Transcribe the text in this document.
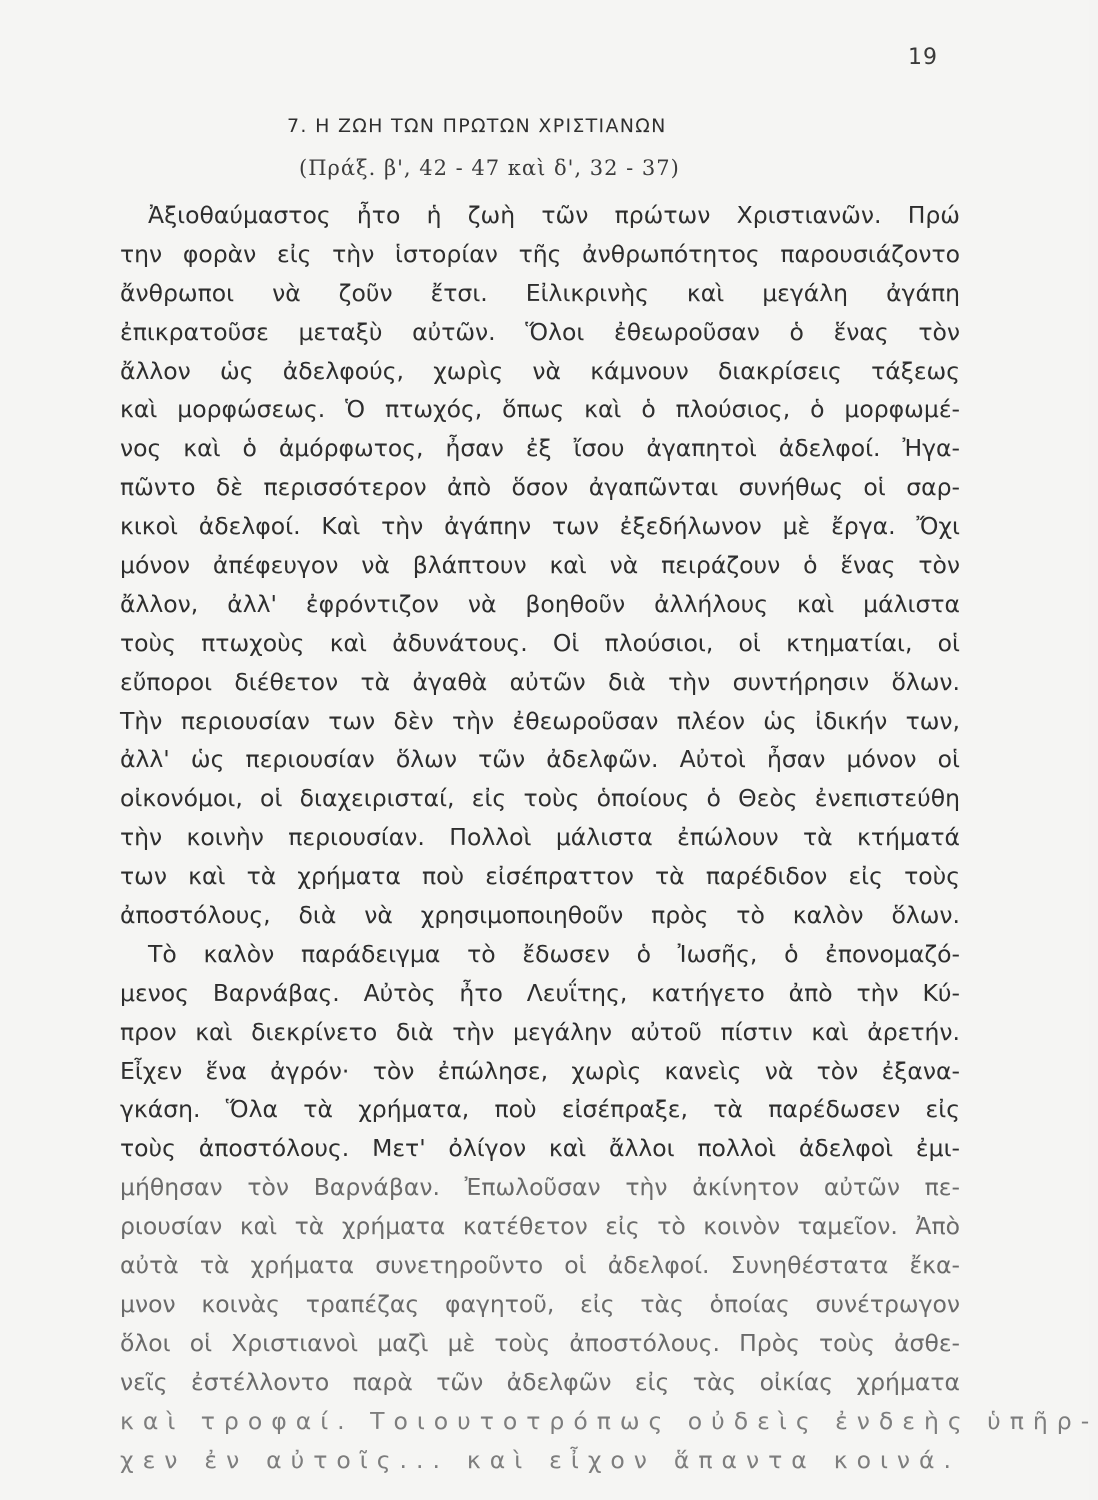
19
7. Η ΖΩΗ ΤΩΝ ΠΡΩΤΩΝ ΧΡΙΣΤΙΑΝΩΝ
(Πράξ. β', 42 - 47 καὶ δ', 32 - 37)
Ἀξιοθαύμαστος ἦτο ἡ ζωὴ τῶν πρώτων Χριστιανῶν. Πρώ
την φορὰν εἰς τὴν ἱστορίαν τῆς ἀνθρωπότητος παρουσιάζοντο
ἄνθρωποι νὰ ζοῦν ἔτσι. Εἰλικρινὴς καὶ μεγάλη ἀγάπη
ἐπικρατοῦσε μεταξὺ αὐτῶν. Ὅλοι ἐθεωροῦσαν ὁ ἕνας τὸν
ἄλλον ὡς ἀδελφούς, χωρὶς νὰ κάμνουν διακρίσεις τάξεως
καὶ μορφώσεως. Ὁ πτωχός, ὅπως καὶ ὁ πλούσιος, ὁ μορφωμέ-
νος καὶ ὁ ἀμόρφωτος, ἦσαν ἐξ ἴσου ἀγαπητοὶ ἀδελφοί. Ἠγα-
πῶντο δὲ περισσότερον ἀπὸ ὅσον ἀγαπῶνται συνήθως οἱ σαρ-
κικοὶ ἀδελφοί. Καὶ τὴν ἀγάπην των ἐξεδήλωνον μὲ ἔργα. Ὄχι
μόνον ἀπέφευγον νὰ βλάπτουν καὶ νὰ πειράζουν ὁ ἕνας τὸν
ἄλλον, ἀλλ' ἐφρόντιζον νὰ βοηθοῦν ἀλλήλους καὶ μάλιστα
τοὺς πτωχοὺς καὶ ἀδυνάτους. Οἱ πλούσιοι, οἱ κτηματίαι, οἱ
εὔποροι διέθετον τὰ ἀγαθὰ αὐτῶν διὰ τὴν συντήρησιν ὅλων.
Τὴν περιουσίαν των δὲν τὴν ἐθεωροῦσαν πλέον ὡς ἰδικήν των,
ἀλλ' ὡς περιουσίαν ὅλων τῶν ἀδελφῶν. Αὐτοὶ ἦσαν μόνον οἱ
οἰκονόμοι, οἱ διαχειρισταί, εἰς τοὺς ὁποίους ὁ Θεὸς ἐνεπιστεύθη
τὴν κοινὴν περιουσίαν. Πολλοὶ μάλιστα ἐπώλουν τὰ κτήματά
των καὶ τὰ χρήματα ποὺ εἰσέπραττον τὰ παρέδιδον εἰς τοὺς
ἀποστόλους, διὰ νὰ χρησιμοποιηθοῦν πρὸς τὸ καλὸν ὅλων.
Τὸ καλὸν παράδειγμα τὸ ἔδωσεν ὁ Ἰωσῆς, ὁ ἐπονομαζό-
μενος Βαρνάβας. Αὐτὸς ἦτο Λευΐτης, κατήγετο ἀπὸ τὴν Κύ-
προν καὶ διεκρίνετο διὰ τὴν μεγάλην αὐτοῦ πίστιν καὶ ἀρετήν.
Εἶχεν ἕνα ἀγρόν· τὸν ἐπώλησε, χωρὶς κανεὶς νὰ τὸν ἐξανα-
γκάση. Ὅλα τὰ χρήματα, ποὺ εἰσέπραξε, τὰ παρέδωσεν εἰς
τοὺς ἀποστόλους. Μετ' ὀλίγον καὶ ἄλλοι πολλοὶ ἀδελφοὶ ἐμι-
μήθησαν τὸν Βαρνάβαν. Ἐπωλοῦσαν τὴν ἀκίνητον αὐτῶν πε-
ριουσίαν καὶ τὰ χρήματα κατέθετον εἰς τὸ κοινὸν ταμεῖον. Ἀπὸ
αὐτὰ τὰ χρήματα συνετηροῦντο οἱ ἀδελφοί. Συνηθέστατα ἔκα-
μνον κοινὰς τραπέζας φαγητοῦ, εἰς τὰς ὁποίας συνέτρωγον
ὅλοι οἱ Χριστιανοὶ μαζὶ μὲ τοὺς ἀποστόλους. Πρὸς τοὺς ἀσθε-
νεῖς ἐστέλλοντο παρὰ τῶν ἀδελφῶν εἰς τὰς οἰκίας χρήματα
καὶ τροφαί. Τοιουτοτρόπως οὐδεὶς ἐνδεὴς ὑπῆρ-
χεν ἐν αὐτοῖς... καὶ εἶχον ἅπαντα κοινά.
